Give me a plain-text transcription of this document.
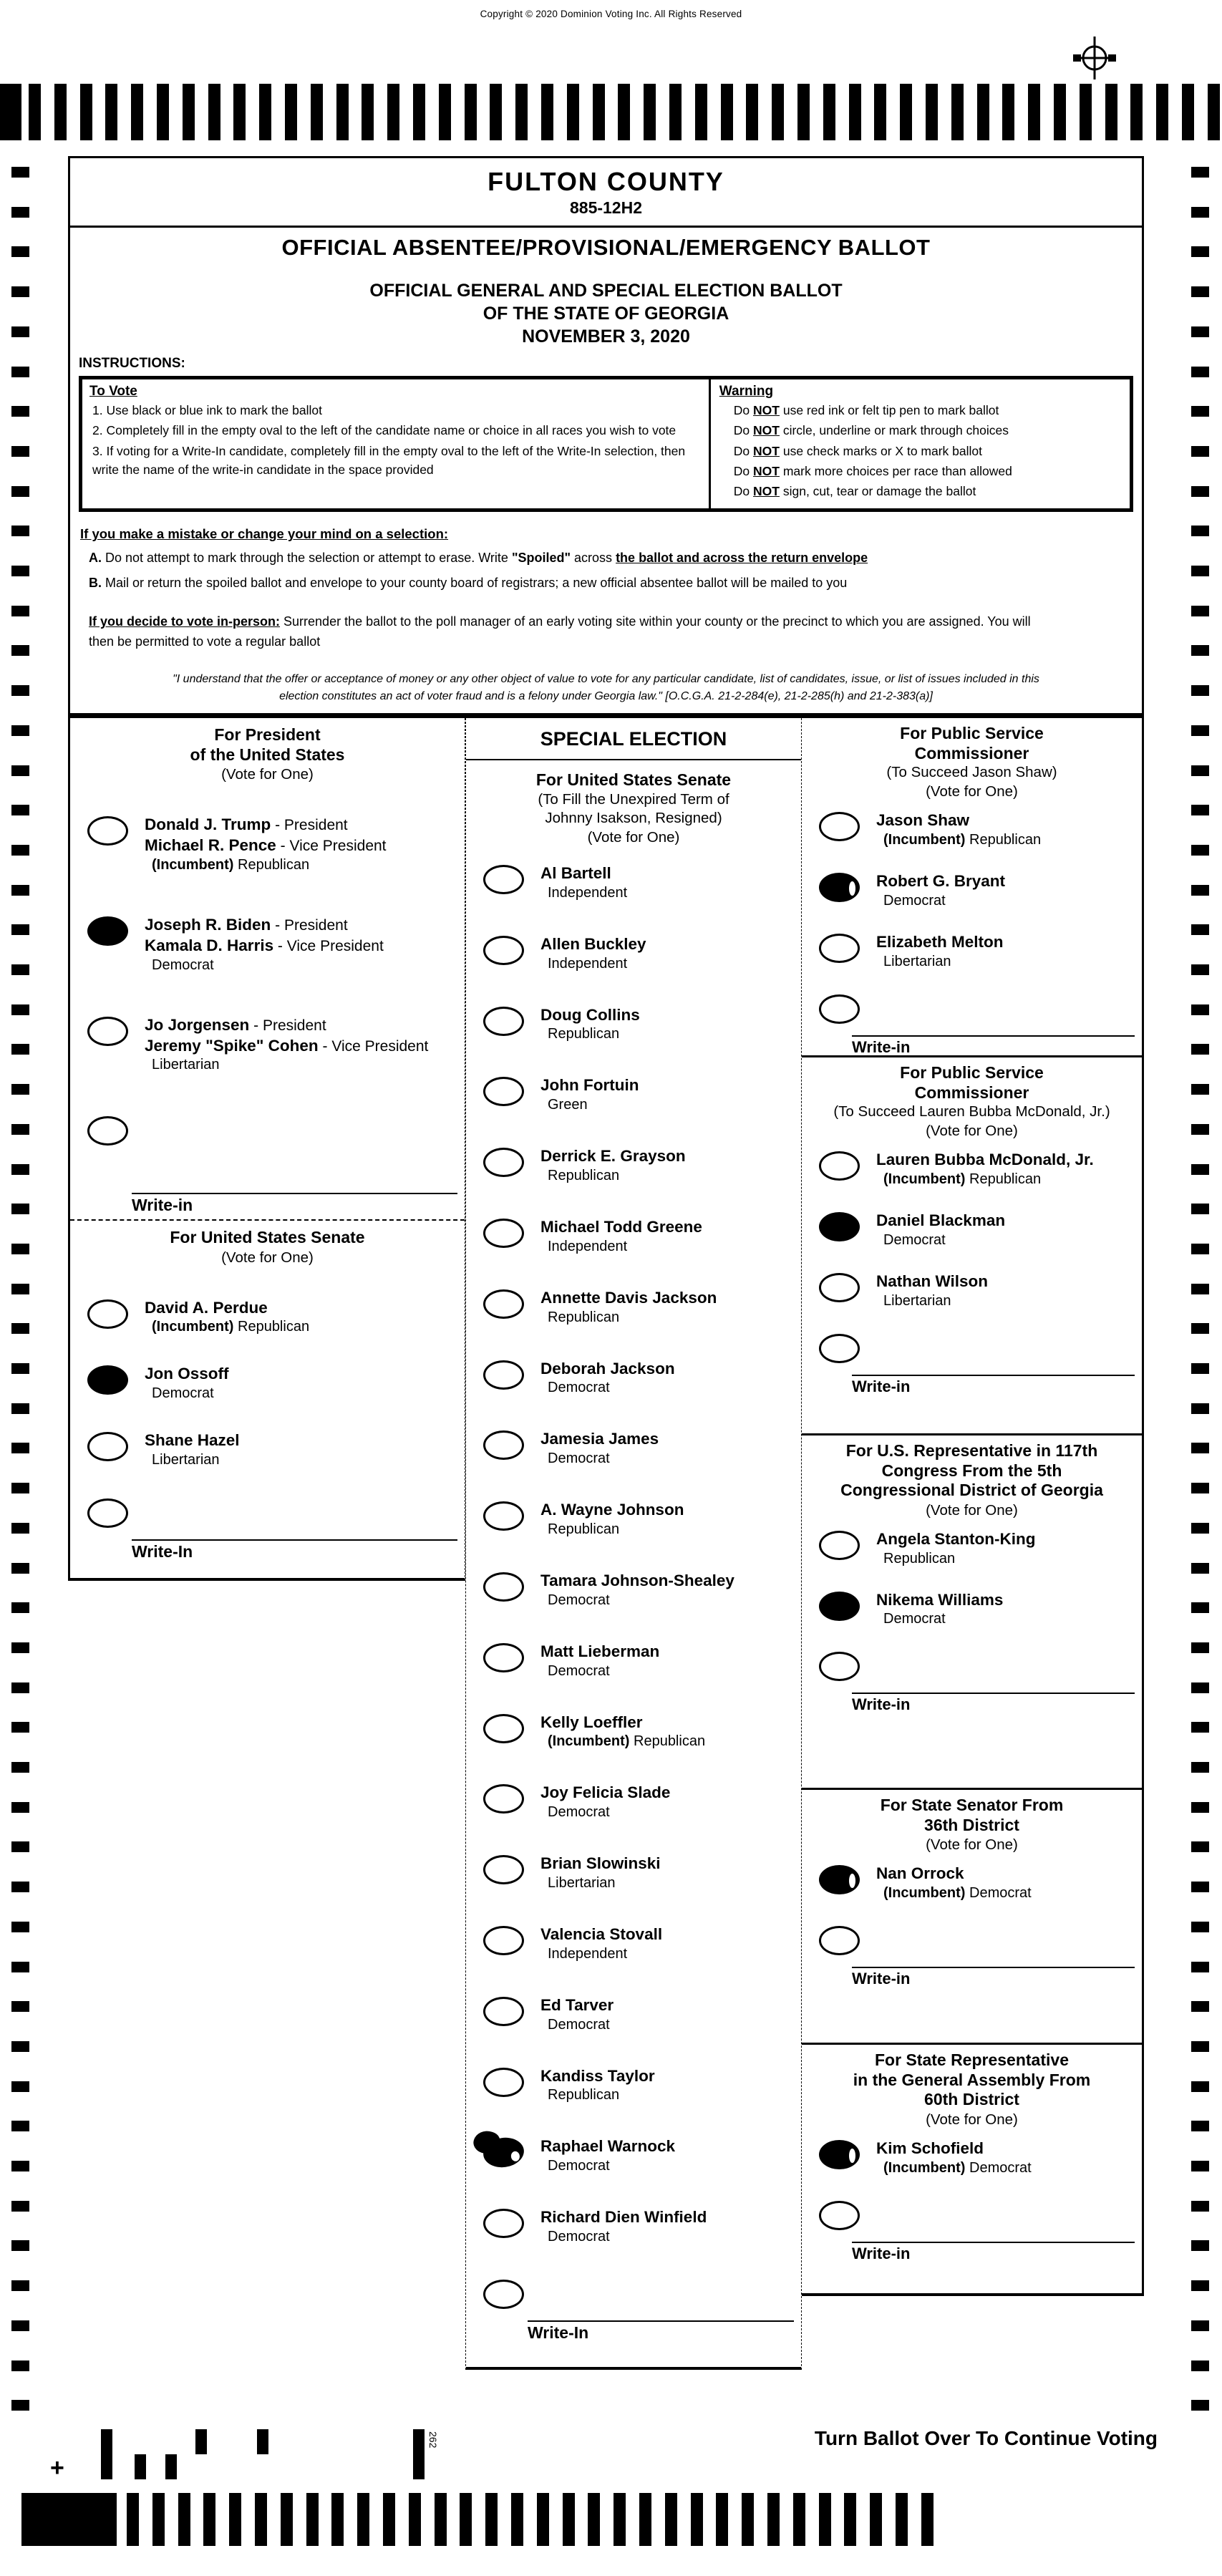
Copyright © 2020 Dominion Voting Inc. All Rights Reserved
FULTON COUNTY
885-12H2
OFFICIAL ABSENTEE/PROVISIONAL/EMERGENCY BALLOT
OFFICIAL GENERAL AND SPECIAL ELECTION BALLOT
OF THE STATE OF GEORGIA
NOVEMBER 3, 2020
INSTRUCTIONS:
To Vote
1. Use black or blue ink to mark the ballot
2. Completely fill in the empty oval to the left of the candidate name or choice in all races you wish to vote
3. If voting for a Write-In candidate, completely fill in the empty oval to the left of the Write-In selection, then write the name of the write-in candidate in the space provided
Warning
Do NOT use red ink or felt tip pen to mark ballot
Do NOT circle, underline or mark through choices
Do NOT use check marks or X to mark ballot
Do NOT mark more choices per race than allowed
Do NOT sign, cut, tear or damage the ballot
If you make a mistake or change your mind on a selection:
A. Do not attempt to mark through the selection or attempt to erase. Write "Spoiled" across the ballot and across the return envelope
B. Mail or return the spoiled ballot and envelope to your county board of registrars; a new official absentee ballot will be mailed to you
If you decide to vote in-person: Surrender the ballot to the poll manager of an early voting site within your county or the precinct to which you are assigned. You will then be permitted to vote a regular ballot
"I understand that the offer or acceptance of money or any other object of value to vote for any particular candidate, list of candidates, issue, or list of issues included in this
election constitutes an act of voter fraud and is a felony under Georgia law." [O.C.G.A. 21-2-284(e), 21-2-285(h) and 21-2-383(a)]
For President
of the United States
(Vote for One)
Donald J. Trump - President
Michael R. Pence - Vice President
(Incumbent) Republican
Joseph R. Biden - President
Kamala D. Harris - Vice President
Democrat
Jo Jorgensen - President
Jeremy "Spike" Cohen - Vice President
Libertarian
Write-in
For United States Senate
(Vote for One)
David A. Perdue
(Incumbent) Republican
Jon Ossoff
Democrat
Shane Hazel
Libertarian
Write-In
SPECIAL ELECTION
For United States Senate
(To Fill the Unexpired Term of
Johnny Isakson, Resigned)
(Vote for One)
Al Bartell
Independent
Allen Buckley
Independent
Doug Collins
Republican
John Fortuin
Green
Derrick E. Grayson
Republican
Michael Todd Greene
Independent
Annette Davis Jackson
Republican
Deborah Jackson
Democrat
Jamesia James
Democrat
A. Wayne Johnson
Republican
Tamara Johnson-Shealey
Democrat
Matt Lieberman
Democrat
Kelly Loeffler
(Incumbent) Republican
Joy Felicia Slade
Democrat
Brian Slowinski
Libertarian
Valencia Stovall
Independent
Ed Tarver
Democrat
Kandiss Taylor
Republican
Raphael Warnock
Democrat
Richard Dien Winfield
Democrat
Write-In
For Public Service
Commissioner
(To Succeed Jason Shaw)
(Vote for One)
Jason Shaw
(Incumbent) Republican
Robert G. Bryant
Democrat
Elizabeth Melton
Libertarian
Write-in
For Public Service
Commissioner
(To Succeed Lauren Bubba McDonald, Jr.)
(Vote for One)
Lauren Bubba McDonald, Jr.
(Incumbent) Republican
Daniel Blackman
Democrat
Nathan Wilson
Libertarian
Write-in
For U.S. Representative in 117th
Congress From the 5th
Congressional District of Georgia
(Vote for One)
Angela Stanton-King
Republican
Nikema Williams
Democrat
Write-in
For State Senator From
36th District
(Vote for One)
Nan Orrock
(Incumbent) Democrat
Write-in
For State Representative
in the General Assembly From
60th District
(Vote for One)
Kim Schofield
(Incumbent) Democrat
Write-in
+
262	Turn Ballot Over To Continue Voting
